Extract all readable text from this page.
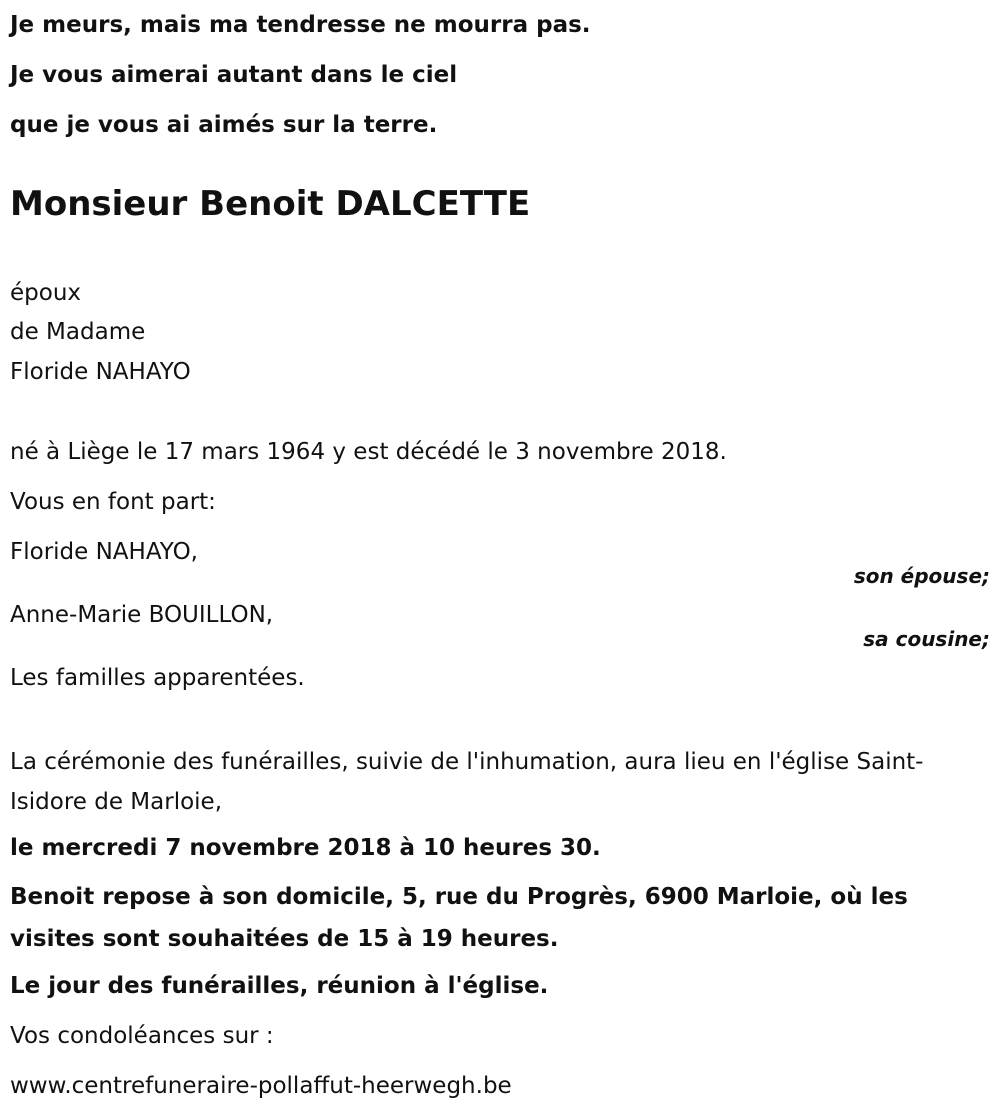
Je meurs, mais ma tendresse ne mourra pas.

Je vous aimerai autant dans le ciel

que je vous ai aimés sur la terre.

Monsieur Benoit DALCETTE

époux

de Madame

Floride NAHAYO

né à Liège le 17 mars 1964 y est décédé le 3 novembre 2018.

Vous en font part:

Floride NAHAYO,

son épouse;

Anne-Marie BOUILLON,

sa cousine;

Les familles apparentées.

La cérémonie des funérailles, suivie de l'inhumation, aura lieu en l'église Saint-Isidore de Marloie,

le mercredi 7 novembre 2018 à 10 heures 30.

Benoit repose à son domicile, 5, rue du Progrès, 6900 Marloie, où les visites sont souhaitées de 15 à 19 heures.

Le jour des funérailles, réunion à l'église.

Vos condoléances sur :

www.centrefuneraire-pollaffut-heerwegh.be
